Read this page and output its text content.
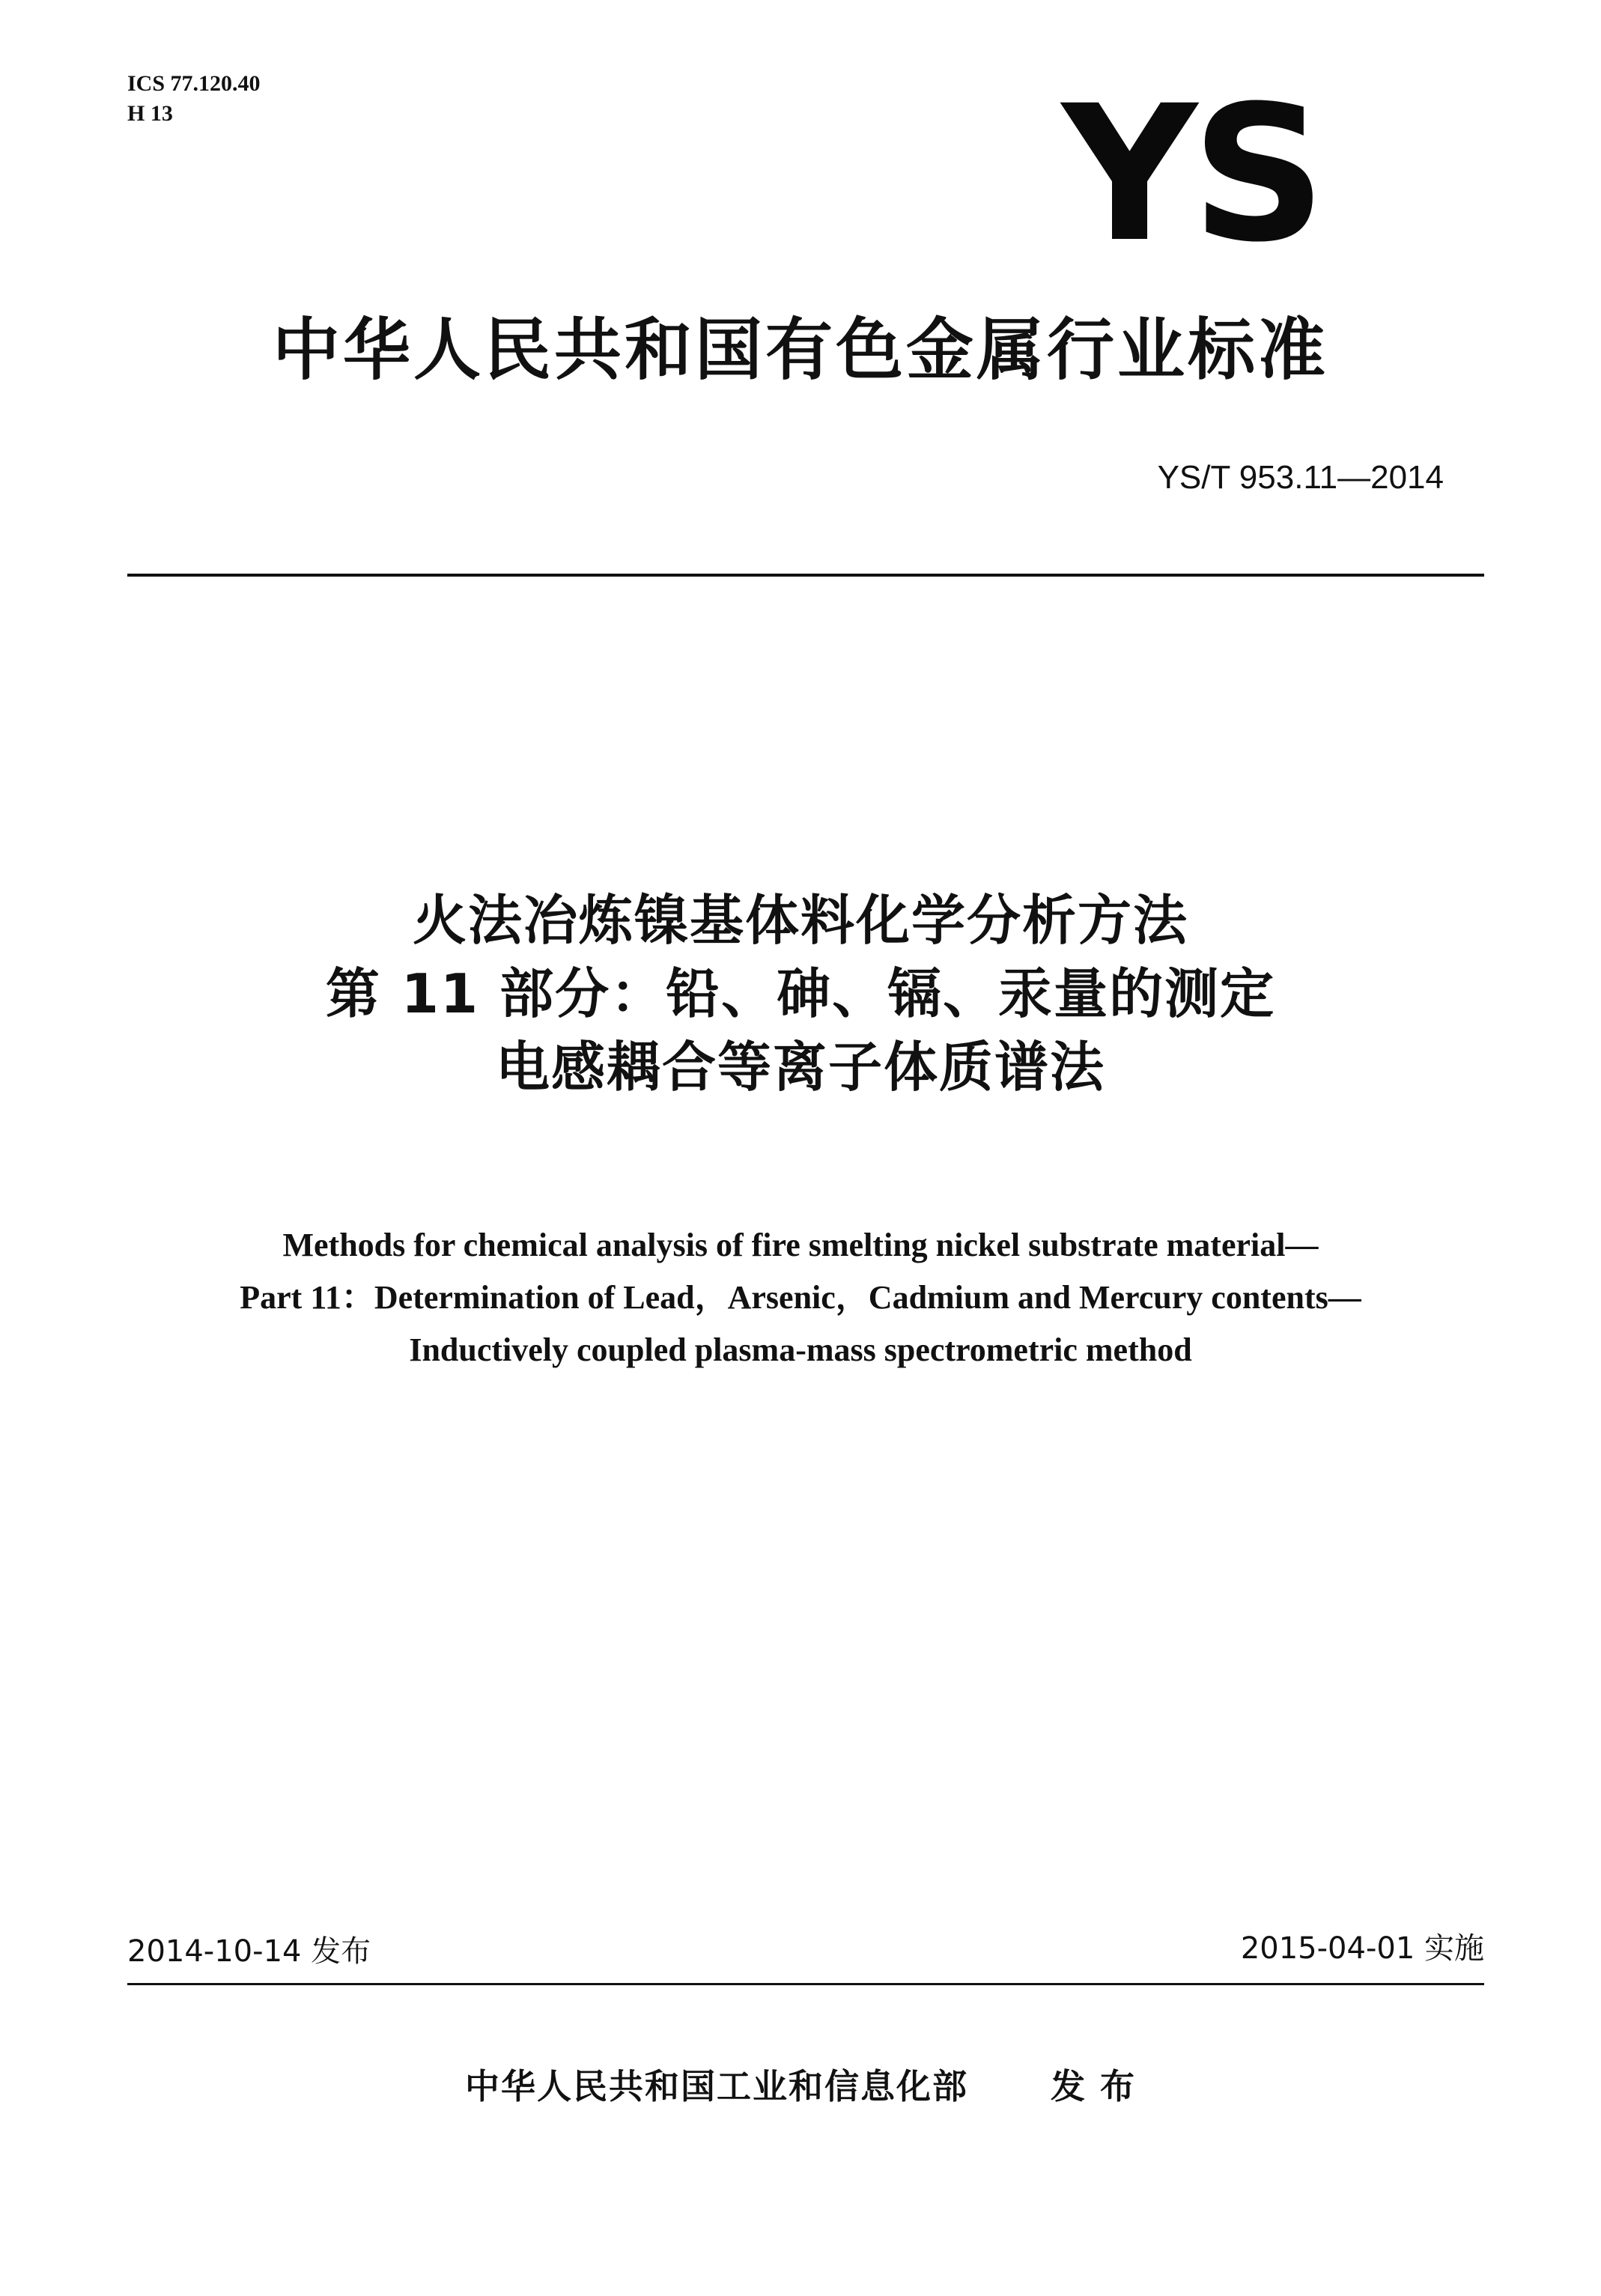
ICS 77.120.40
H 13	YS
中华人民共和国有色金属行业标准
YS/T 953.11—2014
火法冶炼镍基体料化学分析方法
第 11 部分：铅、砷、镉、汞量的测定
电感耦合等离子体质谱法
Methods for chemical analysis of fire smelting nickel substrate material—
Part 11：Determination of Lead，Arsenic，Cadmium and Mercury contents—
Inductively coupled plasma-mass spectrometric method
2014-10-14 发布	2015-04-01 实施
中华人民共和国工业和信息化部 发 布
